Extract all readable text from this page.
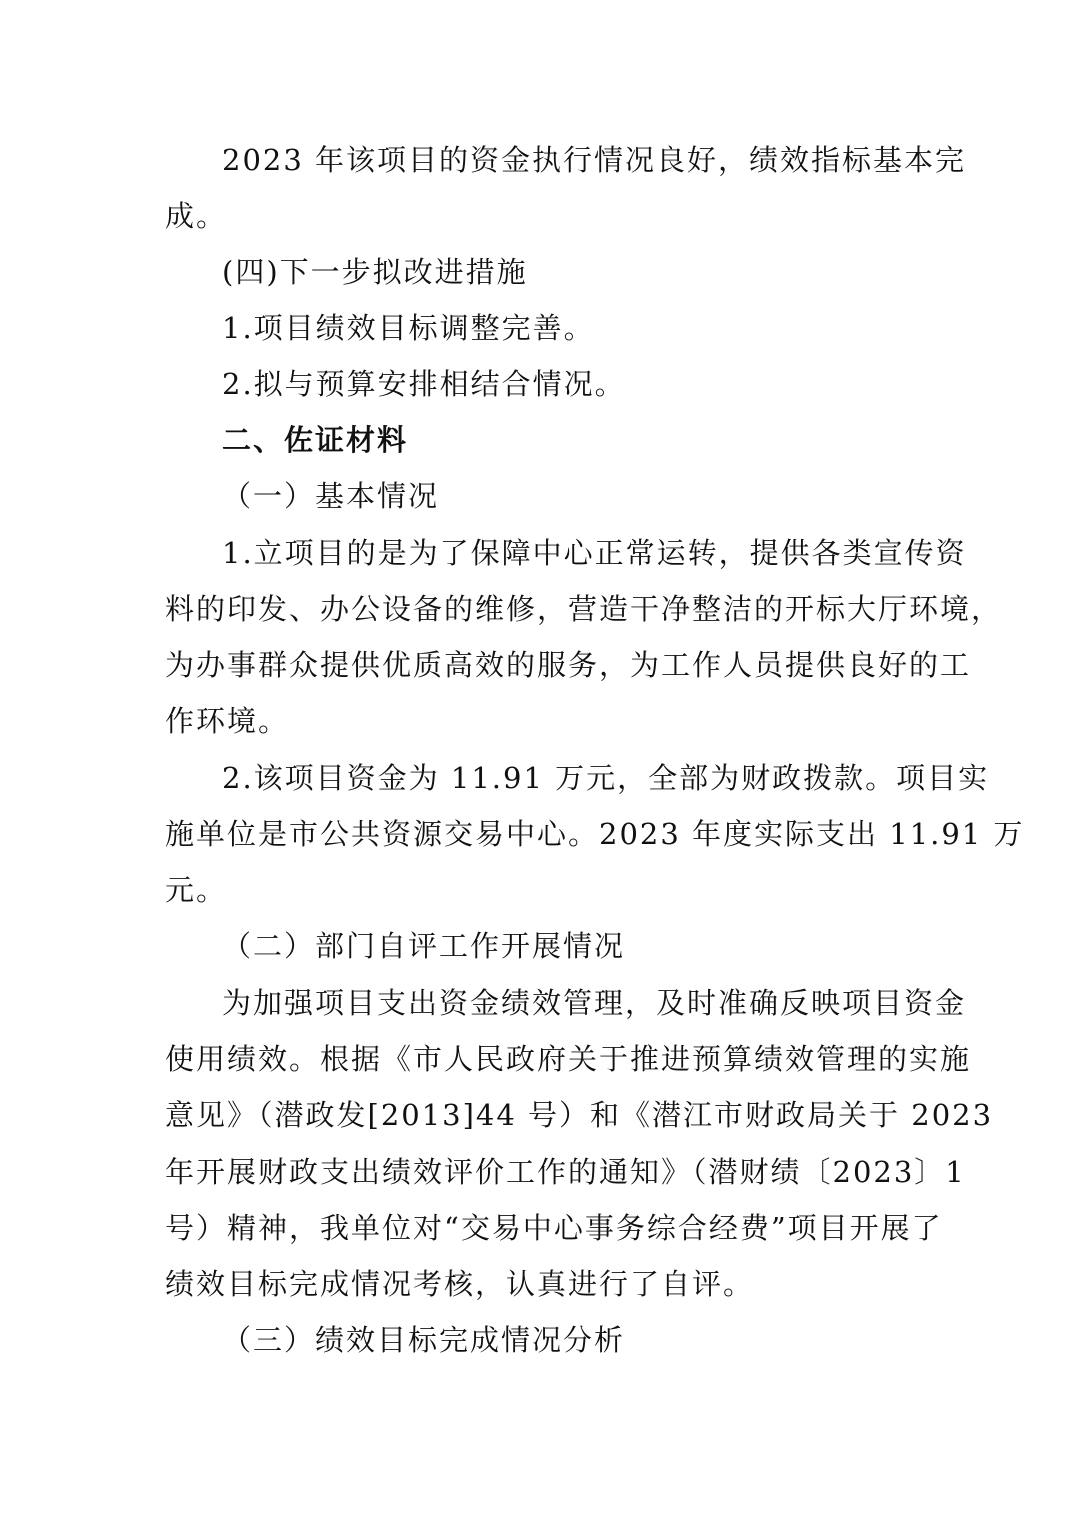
2023 年该项目的资金执行情况良好，绩效指标基本完
成。
(四)下一步拟改进措施
1.项目绩效目标调整完善。
2.拟与预算安排相结合情况。
二、佐证材料
（一）基本情况
1.立项目的是为了保障中心正常运转，提供各类宣传资
料的印发、办公设备的维修，营造干净整洁的开标大厅环境，
为办事群众提供优质高效的服务，为工作人员提供良好的工
作环境。
2.该项目资金为 11.91 万元，全部为财政拨款。项目实
施单位是市公共资源交易中心。2023 年度实际支出 11.91 万
元。
（二）部门自评工作开展情况
为加强项目支出资金绩效管理，及时准确反映项目资金
使用绩效。根据《市人民政府关于推进预算绩效管理的实施
意见》（潜政发[2013]44 号）和《潜江市财政局关于 2023
年开展财政支出绩效评价工作的通知》（潜财绩〔2023〕1
号）精神，我单位对“交易中心事务综合经费”项目开展了
绩效目标完成情况考核，认真进行了自评。
（三）绩效目标完成情况分析
